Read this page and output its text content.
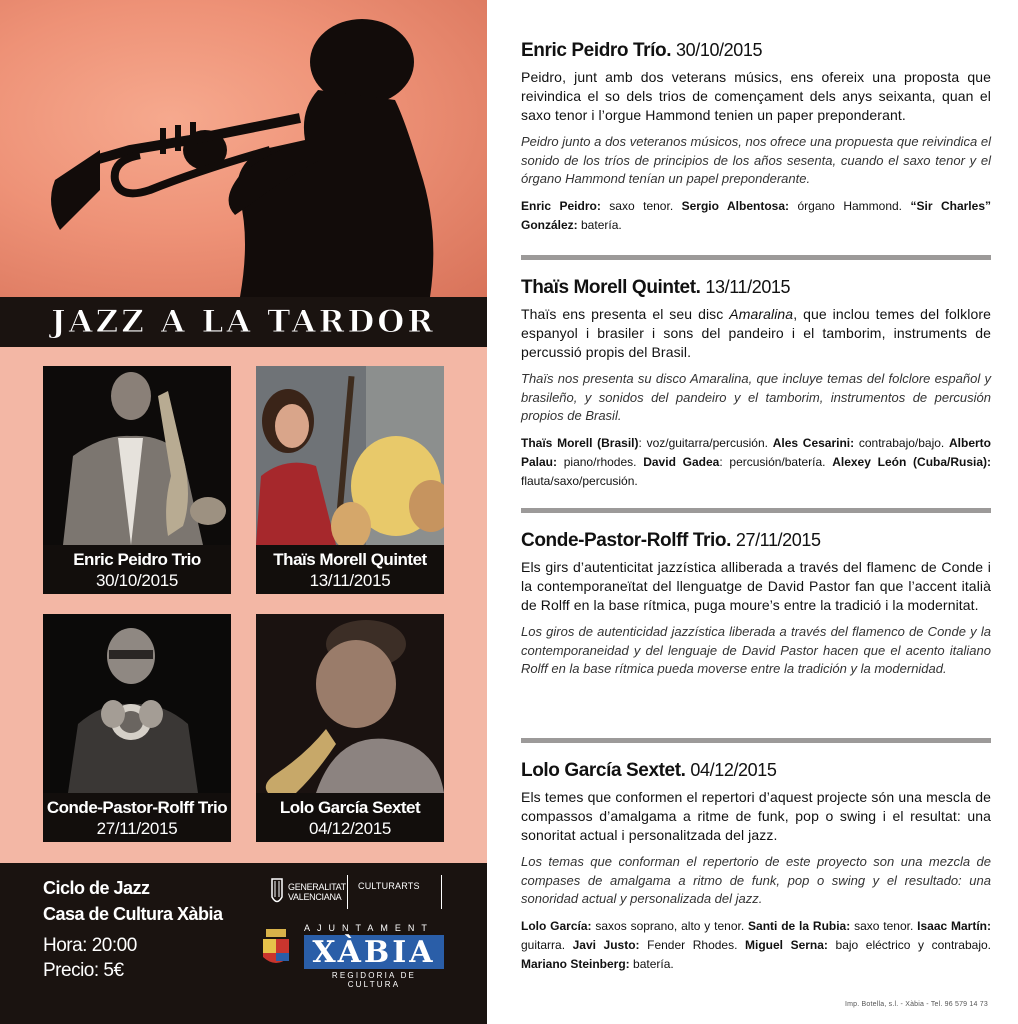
JAZZ A LA TARDOR
Enric Peidro Trio
30/10/2015
Thaïs Morell Quintet
13/11/2015
Conde-Pastor-Rolff Trio
27/11/2015
Lolo García Sextet
04/12/2015
Ciclo de Jazz
Casa de Cultura Xàbia
Hora: 20:00
Precio: 5€
GENERALITAT
VALENCIANA
CULTURARTS
AJUNTAMENT
XÀBIA
REGIDORIA DE CULTURA
Enric Peidro Trío. 30/10/2015

Peidro, junt amb dos veterans músics, ens ofereix una proposta que reivindica el so dels trios de començament dels anys seixanta, quan el saxo tenor i l’orgue Hammond tenien un paper preponderant.

Peidro junto a dos veteranos músicos, nos ofrece una propuesta que reivindica el sonido de los tríos de principios de los años sesenta, cuando el saxo tenor y el órgano Hammond tenían un papel preponderante.

Enric Peidro: saxo tenor. Sergio Albentosa: órgano Hammond. “Sir Charles” González: batería.

Thaïs Morell Quintet. 13/11/2015

Thaïs ens presenta el seu disc Amaralina, que inclou temes del folklore espanyol i brasiler i sons del pandeiro i el tamborim, instruments de percussió propis del Brasil.

Thaïs nos presenta su disco Amaralina, que incluye temas del folclore español y brasileño, y sonidos del pandeiro y el tamborim, instrumentos de percusión propios de Brasil.

Thaïs Morell (Brasil): voz/guitarra/percusión. Ales Cesarini: contrabajo/bajo. Alberto Palau: piano/rhodes. David Gadea: percusión/batería. Alexey León (Cuba/Rusia): flauta/saxo/percusión.

Conde-Pastor-Rolff Trio. 27/11/2015

Els girs d’autenticitat jazzística alliberada a través del flamenc de Conde i la contemporaneïtat del llenguatge de David Pastor fan que l’accent italià de Rolff en la base rítmica, puga moure’s entre la tradició i la modernitat.

Los giros de autenticidad jazzística liberada a través del flamenco de Conde y la contemporaneidad y del lenguaje de David Pastor hacen que el acento italiano Rolff en la base rítmica pueda moverse entre la tradición y la modernidad.

Lolo García Sextet. 04/12/2015

Els temes que conformen el repertori d’aquest projecte són una mescla de compassos d’amalgama a ritme de funk, pop o swing i el resultat: una sonoritat actual i personalitzada del jazz.

Los temas que conforman el repertorio de este proyecto son una mezcla de compases de amalgama a ritmo de funk, pop o swing y el resultado: una sonoridad actual y personalizada del jazz.

Lolo García: saxos soprano, alto y tenor. Santi de la Rubia: saxo tenor. Isaac Martín: guitarra. Javi Justo: Fender Rhodes. Miguel Serna: bajo eléctrico y contrabajo. Mariano Steinberg: batería.

Imp. Botella, s.l. - Xàbia - Tel. 96 579 14 73
